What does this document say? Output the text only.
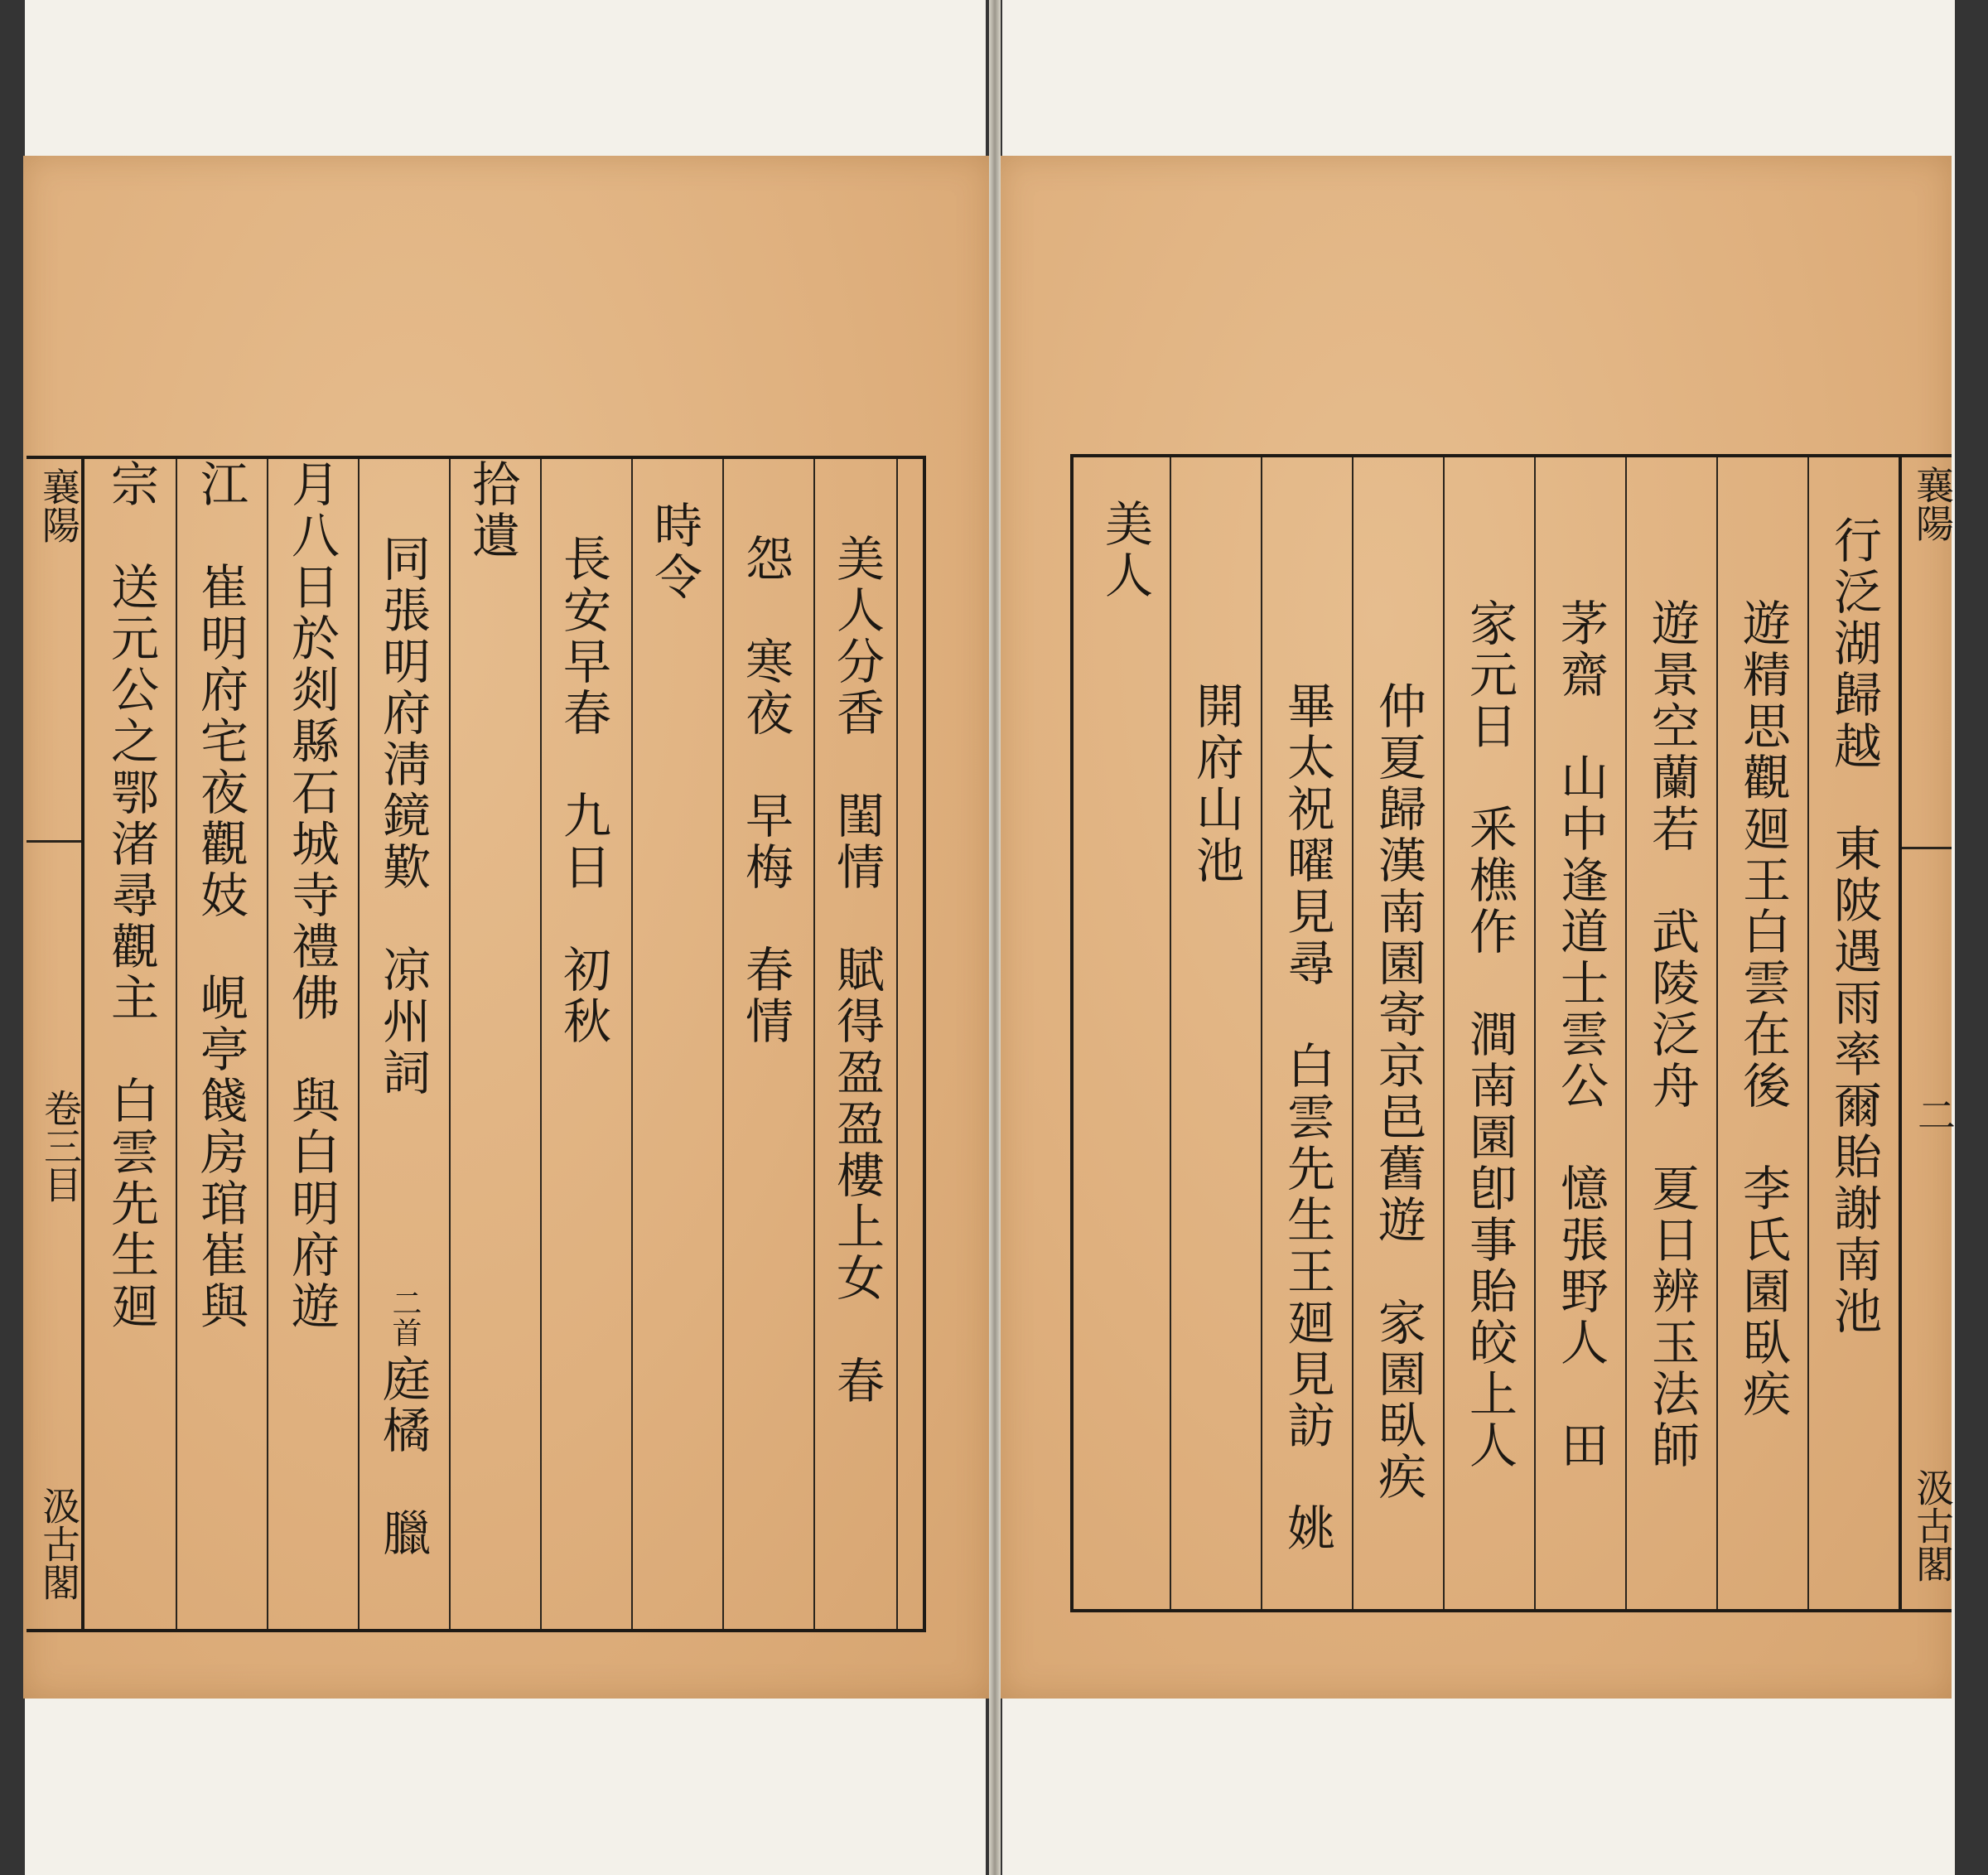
美人分香　閨情　賦得盈盈樓上女　春
怨　寒夜　早梅　春情
時令
長安早春　九日　初秋
拾遺
同張明府淸鏡歎　凉州詞
二首
庭橘　臘
月八日於剡縣石城寺禮佛　與白明府遊
江　崔明府宅夜觀妓　峴亭餞房琯崔與
宗　送元公之鄂渚尋觀主　白雲先生廻
襄陽
卷三目
汲古閣
行泛湖歸越　東陂遇雨率爾貽謝南池
遊精思觀廻王白雲在後　李氏園臥疾
遊景空蘭若　武陵泛舟　夏日辨玉法師
茅齋　山中逢道士雲公　憶張野人　田
家元日　釆樵作　澗南園卽事貽皎上人
仲夏歸漢南園寄京邑舊遊　家園臥疾
畢太祝曜見尋　白雲先生王廻見訪　姚
開府山池
美人	襄陽
二
汲古閣
